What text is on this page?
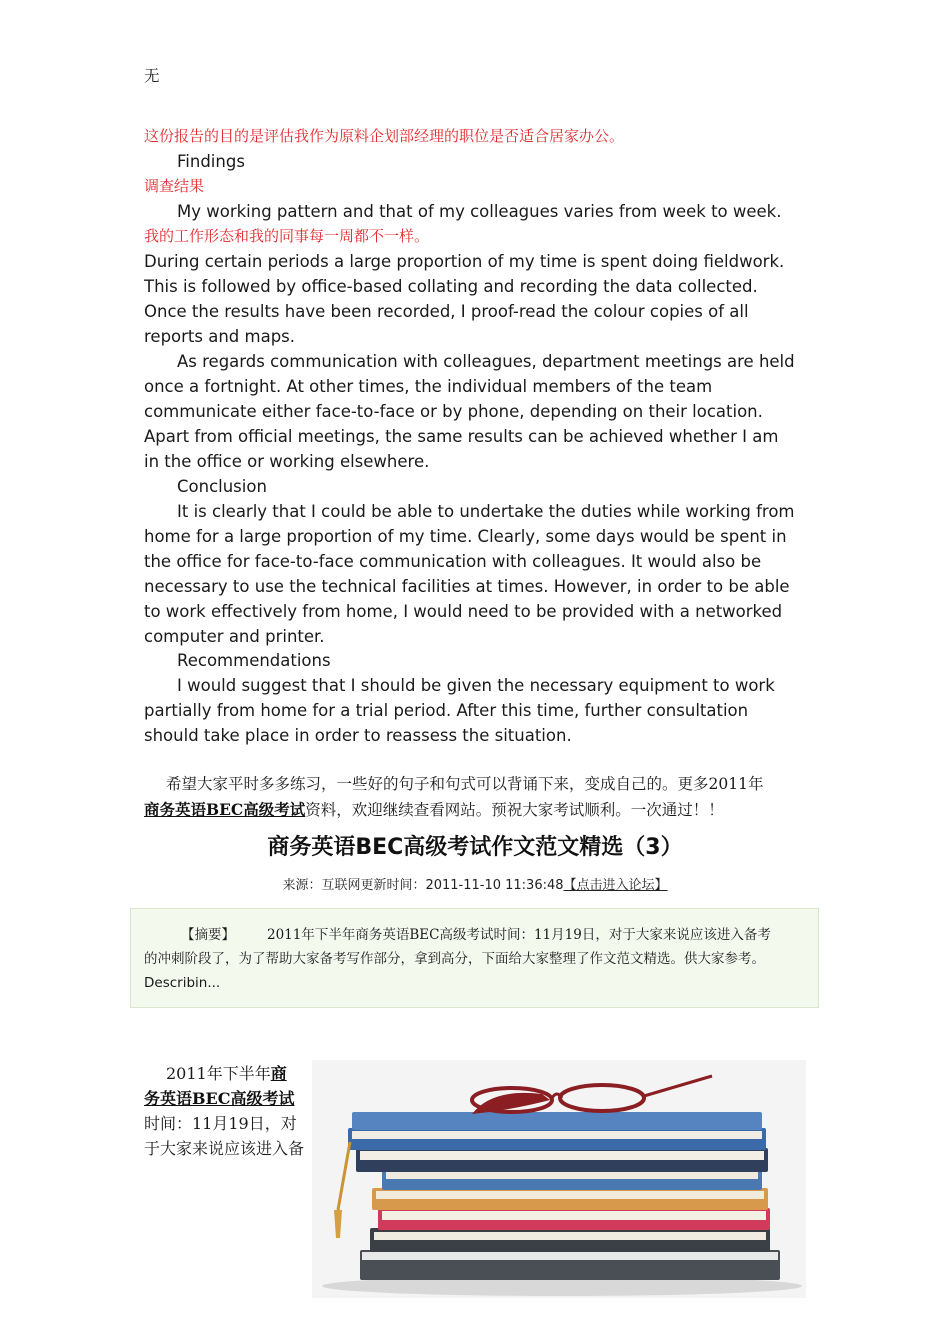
无
这份报告的目的是评估我作为原料企划部经理的职位是否适合居家办公。
Findings
调查结果
My working pattern and that of my colleagues varies from week to week.
我的工作形态和我的同事每一周都不一样。
During certain periods a large proportion of my time is spent doing fieldwork.
This is followed by office-based collating and recording the data collected.
Once the results have been recorded, I proof-read the colour copies of all
reports and maps.
As regards communication with colleagues, department meetings are held
once a fortnight. At other times, the individual members of the team
communicate either face-to-face or by phone, depending on their location.
Apart from official meetings, the same results can be achieved whether I am
in the office or working elsewhere.
Conclusion
It is clearly that I could be able to undertake the duties while working from
home for a large proportion of my time. Clearly, some days would be spent in
the office for face-to-face communication with colleagues. It would also be
necessary to use the technical facilities at times. However, in order to be able
to work effectively from home, I would need to be provided with a networked
computer and printer.
Recommendations
I would suggest that I should be given the necessary equipment to work
partially from home for a trial period. After this time, further consultation
should take place in order to reassess the situation.
希望大家平时多多练习，一些好的句子和句式可以背诵下来，变成自己的。更多2011年
商务英语BEC高级考试资料，欢迎继续查看网站。预祝大家考试顺利。一次通过！！
商务英语BEC高级考试作文范文精选（3）
来源：互联网更新时间：2011-11-10 11:36:48【点击进入论坛】
【摘要】 2011年下半年商务英语BEC高级考试时间：11月19日，对于大家来说应该进入备考
的冲刺阶段了，为了帮助大家备考写作部分，拿到高分，下面给大家整理了作文范文精选。供大家参考。
Describin...
2011年下半年商
务英语BEC高级考试
时间：11月19日，对
于大家来说应该进入备
